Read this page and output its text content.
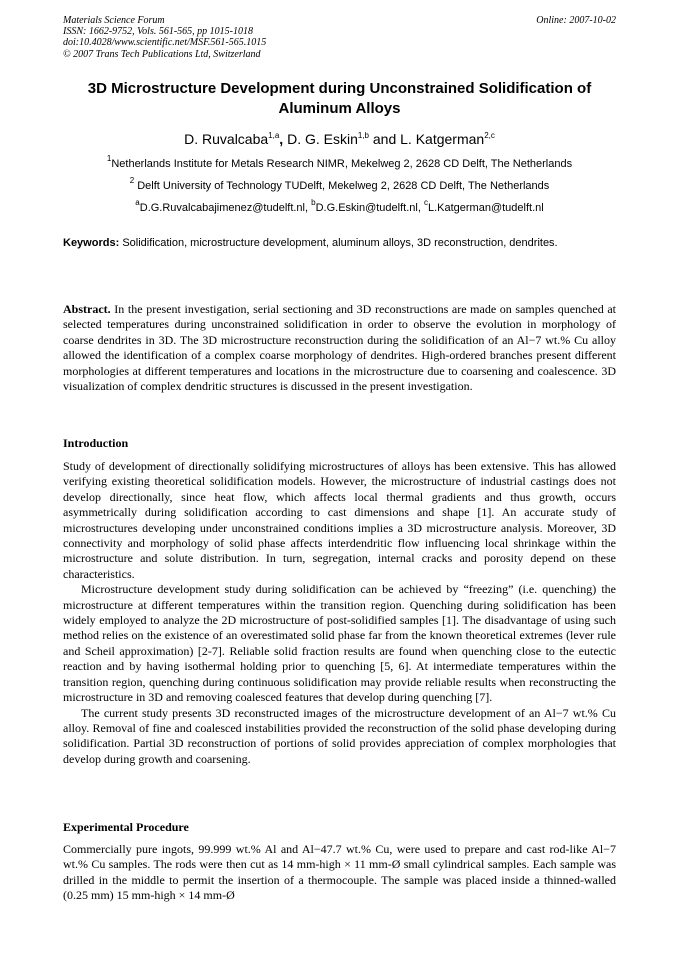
Materials Science Forum
ISSN: 1662-9752, Vols. 561-565, pp 1015-1018
doi:10.4028/www.scientific.net/MSF.561-565.1015
© 2007 Trans Tech Publications Ltd, Switzerland
Online: 2007-10-02
3D Microstructure Development during Unconstrained Solidification of
Aluminum Alloys
D. Ruvalcaba$^{1,a}$, D. G. Eskin$^{1,b}$ and L. Katgerman$^{2,c}$
$^1$Netherlands Institute for Metals Research NIMR, Mekelweg 2, 2628 CD Delft, The Netherlands
$^2$ Delft University of Technology TUDelft, Mekelweg 2, 2628 CD Delft, The Netherlands
$^a$D.G.Ruvalcabajimenez@tudelft.nl, $^b$D.G.Eskin@tudelft.nl, $^c$L.Katgerman@tudelft.nl
Keywords: Solidification, microstructure development, aluminum alloys, 3D reconstruction, dendrites.

Abstract. In the present investigation, serial sectioning and 3D reconstructions are made on samples quenched at selected temperatures during unconstrained solidification in order to observe the evolution in morphology of coarse dendrites in 3D. The 3D microstructure reconstruction during the solidification of an Al−7 wt.% Cu alloy allowed the identification of a complex coarse morphology of dendrites. High-ordered branches present different morphologies at different temperatures and locations in the microstructure due to coarsening and coalescence. 3D visualization of complex dendritic structures is discussed in the present investigation.

Introduction

Study of development of directionally solidifying microstructures of alloys has been extensive. This has allowed verifying existing theoretical solidification models. However, the microstructure of industrial castings does not develop directionally, since heat flow, which affects local thermal gradients and thus growth, occurs asymmetrically during solidification according to cast dimensions and shape [1]. An accurate study of microstructures developing under unconstrained conditions implies a 3D microstructure analysis. Moreover, 3D connectivity and morphology of solid phase affects interdendritic flow influencing local shrinkage within the microstructure and solute distribution. In turn, segregation, internal cracks and porosity depend on these characteristics.

Microstructure development study during solidification can be achieved by “freezing” (i.e. quenching) the microstructure at different temperatures within the transition region. Quenching during solidification has been widely employed to analyze the 2D microstructure of post-solidified samples [1]. The disadvantage of using such method relies on the existence of an overestimated solid phase far from the known theoretical extremes (lever rule and Scheil approximation) [2-7]. Reliable solid fraction results are found when quenching close to the eutectic reaction and by having isothermal holding prior to quenching [5, 6]. At intermediate temperatures within the transition region, quenching during continuous solidification may provide reliable results when reconstructing the microstructure in 3D and removing coalesced features that develop during quenching [7].

The current study presents 3D reconstructed images of the microstructure development of an Al−7 wt.% Cu alloy. Removal of fine and coalesced instabilities provided the reconstruction of the solid phase developing during solidification. Partial 3D reconstruction of portions of solid provides appreciation of complex morphologies that develop during growth and coarsening.

Experimental Procedure

Commercially pure ingots, 99.999 wt.% Al and Al−47.7 wt.% Cu, were used to prepare and cast rod-like Al−7 wt.% Cu samples. The rods were then cut as 14 mm-high × 11 mm-Ø small cylindrical samples. Each sample was drilled in the middle to permit the insertion of a thermocouple. The sample was placed inside a thinned-walled (0.25 mm) 15 mm-high × 14 mm-Ø
